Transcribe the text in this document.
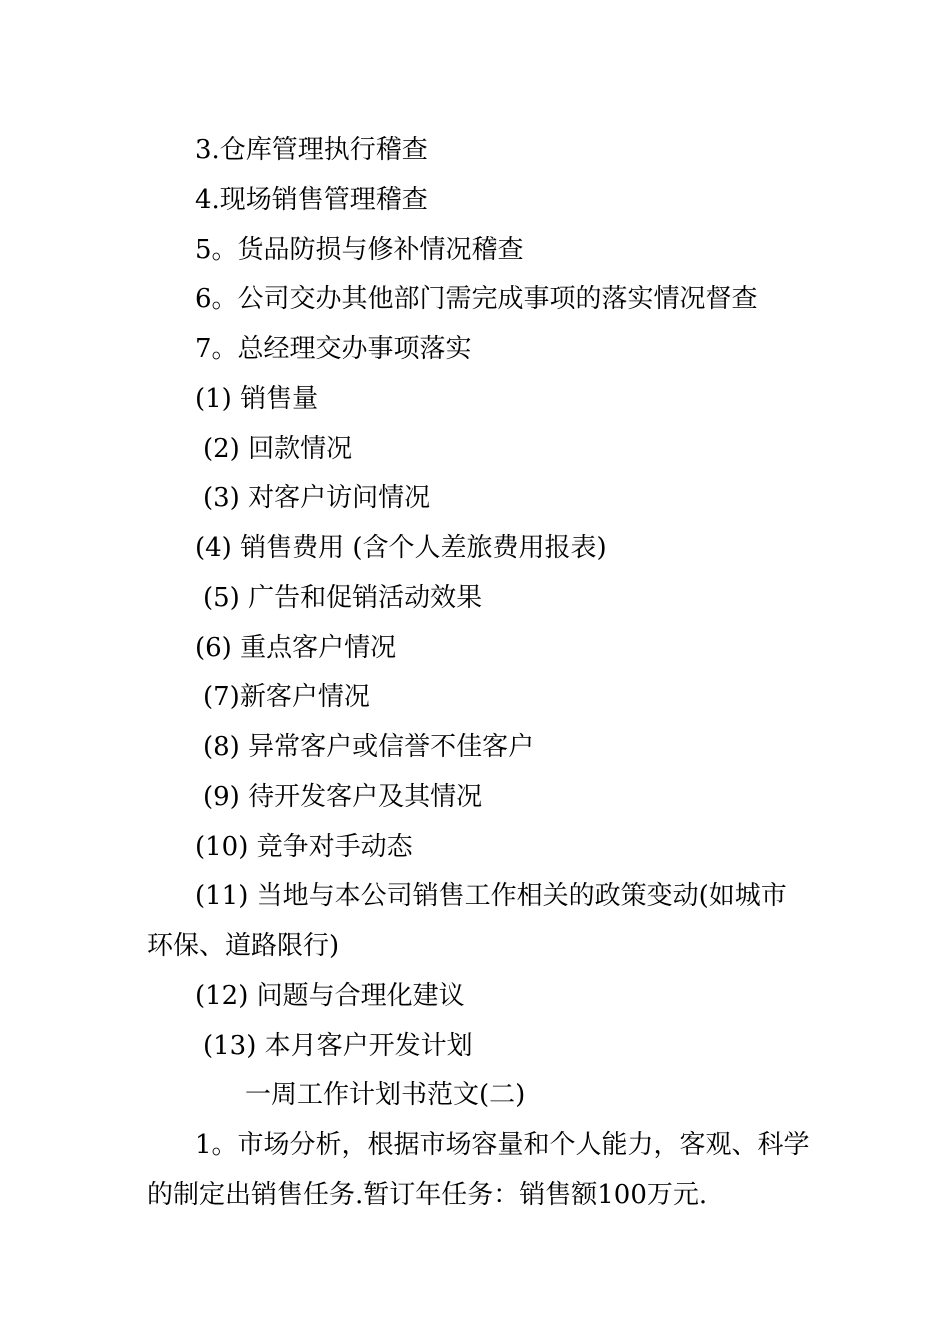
3.仓库管理执行稽查
4.现场销售管理稽查
5。货品防损与修补情况稽查
6。公司交办其他部门需完成事项的落实情况督查
7。总经理交办事项落实
(1) 销售量
(2) 回款情况
(3) 对客户访问情况
(4) 销售费用 (含个人差旅费用报表)
(5) 广告和促销活动效果
(6) 重点客户情况
(7)新客户情况
(8) 异常客户或信誉不佳客户
(9) 待开发客户及其情况
(10) 竞争对手动态
(11) 当地与本公司销售工作相关的政策变动(如城市
环保、道路限行)
(12) 问题与合理化建议
(13) 本月客户开发计划
一周工作计划书范文(二)
1。市场分析，根据市场容量和个人能力，客观、科学
的制定出销售任务.暂订年任务：销售额100万元.
